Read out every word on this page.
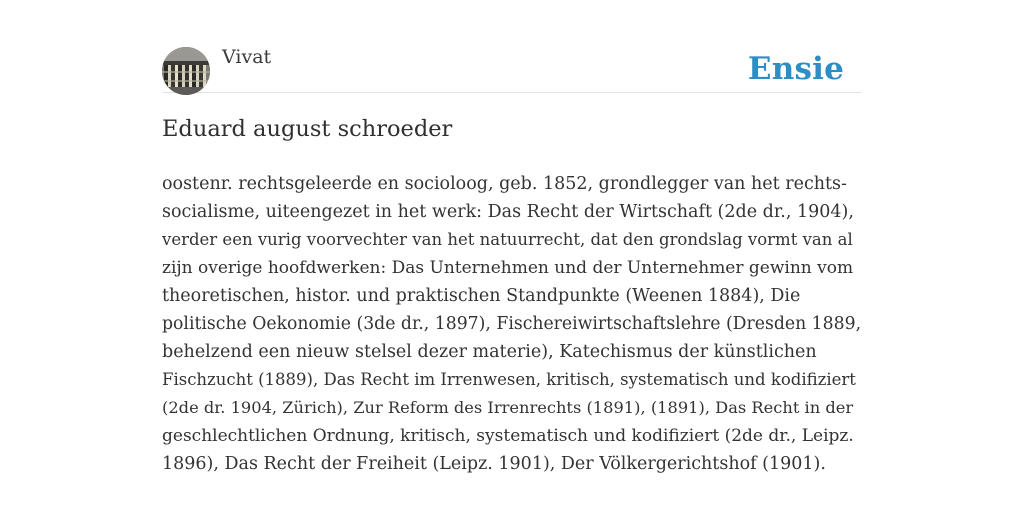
Vivat	Ensie
Eduard august schroeder

oostenr. rechtsgeleerde en socioloog, geb. 1852, grondlegger van het rechts-
socialisme, uiteengezet in het werk: Das Recht der Wirtschaft (2de dr., 1904),
verder een vurig voorvechter van het natuurrecht, dat den grondslag vormt van al
zijn overige hoofdwerken: Das Unternehmen und der Unternehmer gewinn vom
theoretischen, histor. und praktischen Standpunkte (Weenen 1884), Die
politische Oekonomie (3de dr., 1897), Fischereiwirtschaftslehre (Dresden 1889,
behelzend een nieuw stelsel dezer materie), Katechismus der künstlichen
Fischzucht (1889), Das Recht im Irrenwesen, kritisch, systematisch und kodifiziert
(2de dr. 1904, Zürich), Zur Reform des Irrenrechts (1891), (1891), Das Recht in der
geschlechtlichen Ordnung, kritisch, systematisch und kodifiziert (2de dr., Leipz.
1896), Das Recht der Freiheit (Leipz. 1901), Der Völkergerichtshof (1901).
